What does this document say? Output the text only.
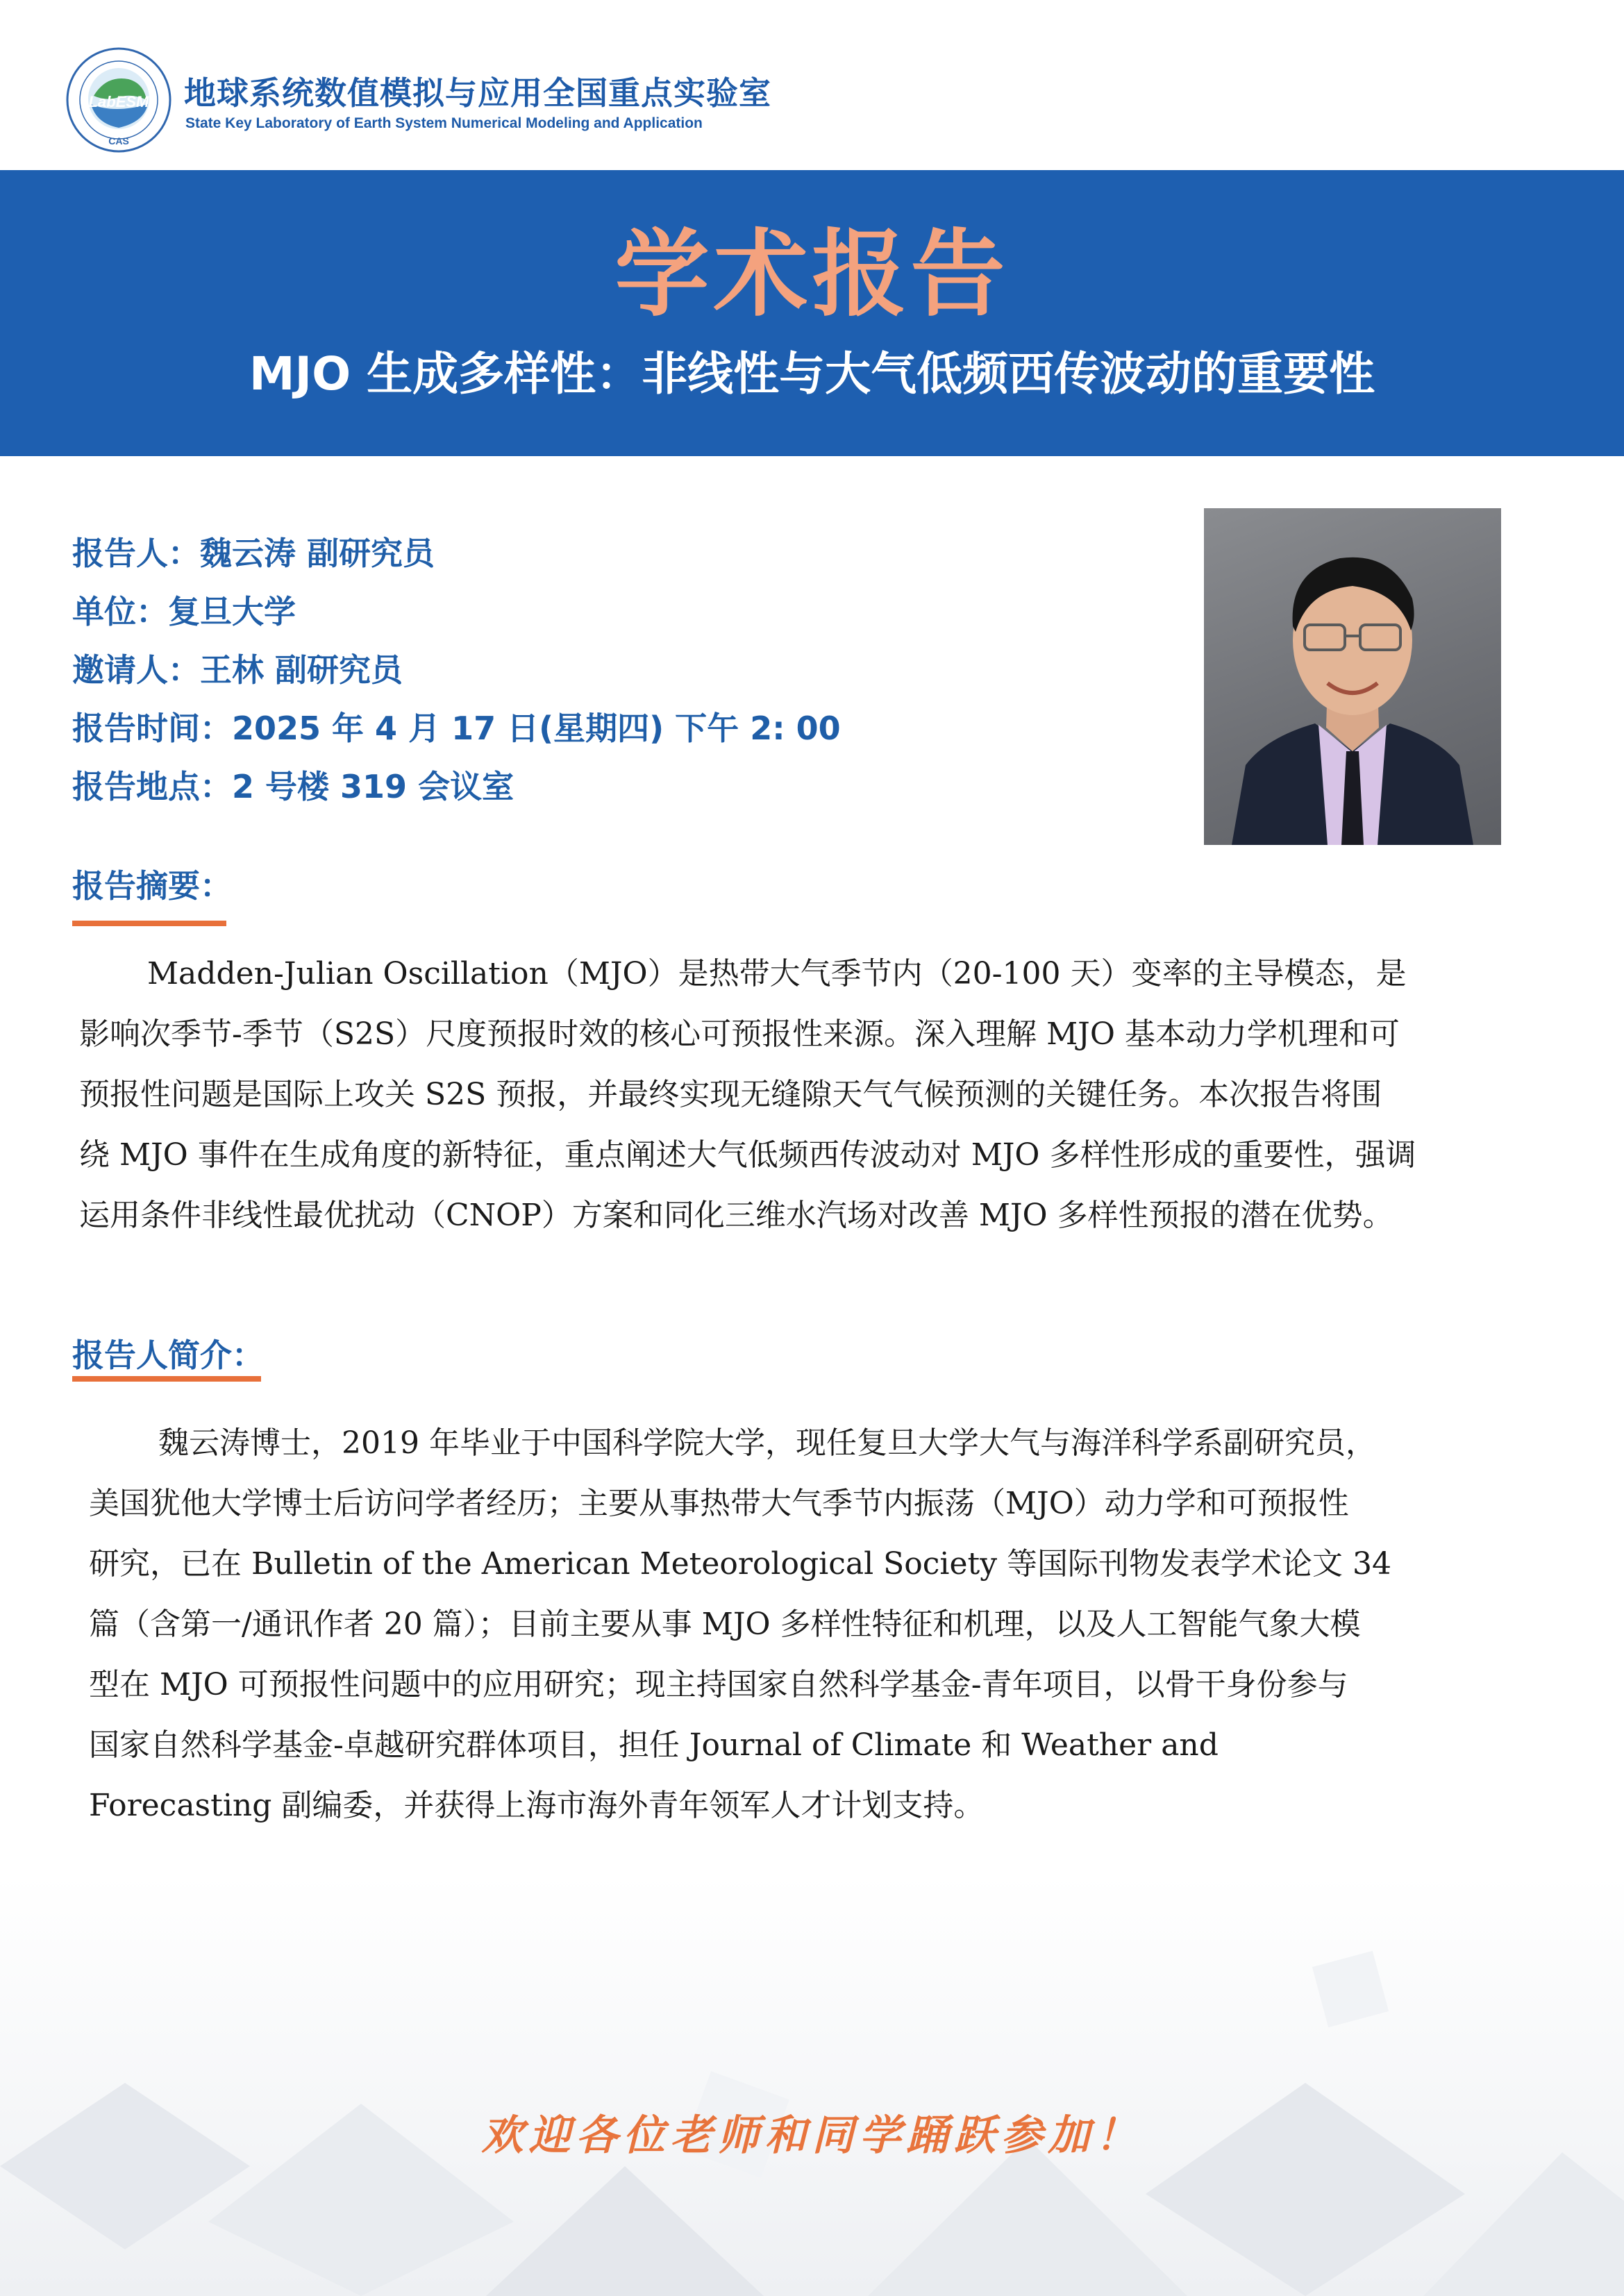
LabESM
CAS
地球系统数值模拟与应用全国重点实验室
State Key Laboratory of Earth System Numerical Modeling and Application
学术报告
MJO 生成多样性：非线性与大气低频西传波动的重要性
报告人：魏云涛 副研究员
单位：复旦大学
邀请人：王林 副研究员
报告时间：2025 年 4 月 17 日(星期四) 下午 2: 00
报告地点：2 号楼 319 会议室
报告摘要：
Madden-Julian Oscillation（MJO）是热带大气季节内（20-100 天）变率的主导模态，是
影响次季节-季节（S2S）尺度预报时效的核心可预报性来源。深入理解 MJO 基本动力学机理和可
预报性问题是国际上攻关 S2S 预报，并最终实现无缝隙天气气候预测的关键任务。本次报告将围
绕 MJO 事件在生成角度的新特征，重点阐述大气低频西传波动对 MJO 多样性形成的重要性，强调
运用条件非线性最优扰动（CNOP）方案和同化三维水汽场对改善 MJO 多样性预报的潜在优势。
报告人简介：
魏云涛博士，2019 年毕业于中国科学院大学，现任复旦大学大气与海洋科学系副研究员，
美国犹他大学博士后访问学者经历；主要从事热带大气季节内振荡（MJO）动力学和可预报性
研究，已在 Bulletin of the American Meteorological Society 等国际刊物发表学术论文 34
篇（含第一/通讯作者 20 篇）；目前主要从事 MJO 多样性特征和机理，以及人工智能气象大模
型在 MJO 可预报性问题中的应用研究；现主持国家自然科学基金-青年项目，以骨干身份参与
国家自然科学基金-卓越研究群体项目，担任 Journal of Climate 和 Weather and
Forecasting 副编委，并获得上海市海外青年领军人才计划支持。
欢迎各位老师和同学踊跃参加！
